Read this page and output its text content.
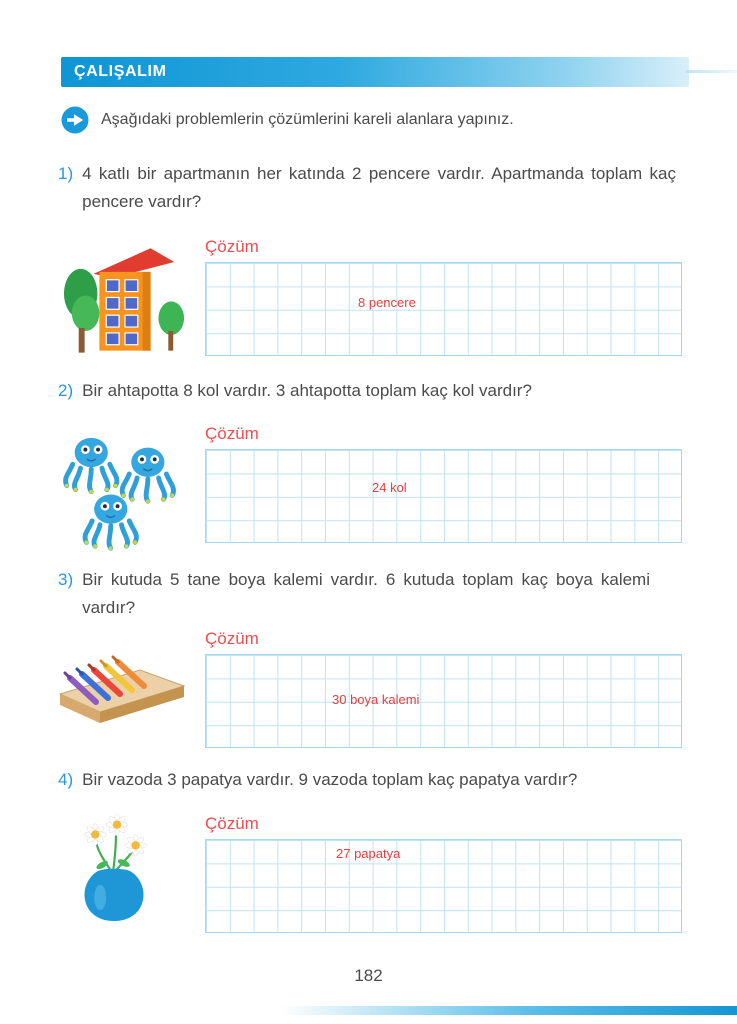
ÇALIŞALIM
Aşağıdaki problemlerin çözümlerini kareli alanlara yapınız.
1) 4 katlı bir apartmanın her katında 2 pencere vardır. Apartmanda toplam kaç pencere vardır?
Çözüm
8 pencere
2) Bir ahtapotta 8 kol vardır. 3 ahtapotta toplam kaç kol vardır?
Çözüm
24 kol
3) Bir kutuda 5 tane boya kalemi vardır. 6 kutuda toplam kaç boya kalemi vardır?
Çözüm
30 boya kalemi
4) Bir vazoda 3 papatya vardır. 9 vazoda toplam kaç papatya vardır?
Çözüm
27 papatya
182
